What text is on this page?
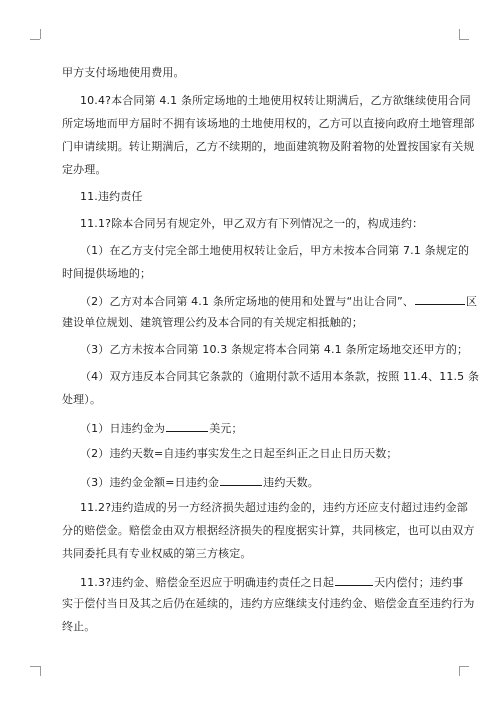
甲方支付场地使用费用。
10.4?本合同第 4.1 条所定场地的土地使用权转让期满后，乙方欲继续使用合同
所定场地而甲方届时不拥有该场地的土地使用权的，乙方可以直接向政府土地管理部
门申请续期。转让期满后，乙方不续期的，地面建筑物及附着物的处置按国家有关规
定办理。
11.违约责任
11.1?除本合同另有规定外，甲乙双方有下列情况之一的，构成违约：
（1）在乙方支付完全部土地使用权转让金后，甲方未按本合同第 7.1 条规定的
时间提供场地的；
（2）乙方对本合同第 4.1 条所定场地的使用和处置与“出让合同”、	区
建设单位规划、建筑管理公约及本合同的有关规定相抵触的；
（3）乙方未按本合同第 10.3 条规定将本合同第 4.1 条所定场地交还甲方的；
（4）双方违反本合同其它条款的（逾期付款不适用本条款，按照 11.4、11.5 条
处理）。
（1）日违约金为	美元；
（2）违约天数=自违约事实发生之日起至纠正之日止日历天数；
（3）违约金金额=日违约金	违约天数。
11.2?违约造成的另一方经济损失超过违约金的，违约方还应支付超过违约金部
分的赔偿金。赔偿金由双方根据经济损失的程度据实计算，共同核定，也可以由双方
共同委托具有专业权威的第三方核定。
11.3?违约金、赔偿金至迟应于明确违约责任之日起	天内偿付；违约事
实于偿付当日及其之后仍在延续的，违约方应继续支付违约金、赔偿金直至违约行为
终止。
